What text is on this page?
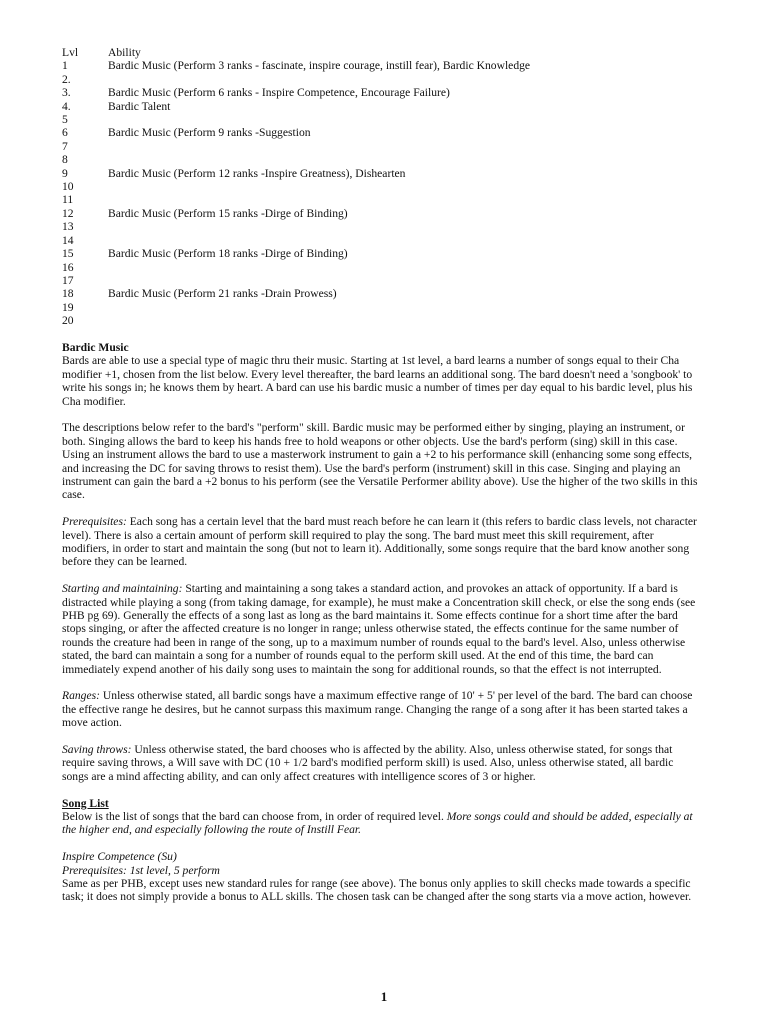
Lvl	Ability
1	Bardic Music (Perform 3 ranks - fascinate, inspire courage, instill fear), Bardic Knowledge
2.	
3.	Bardic Music (Perform 6 ranks - Inspire Competence, Encourage Failure)
4.	Bardic Talent
5	
6	Bardic Music (Perform 9 ranks -Suggestion
7	
8	
9	Bardic Music (Perform 12 ranks -Inspire Greatness), Dishearten
10	
11	
12	Bardic Music (Perform 15 ranks -Dirge of Binding)
13	
14	
15	Bardic Music (Perform 18 ranks -Dirge of Binding)
16	
17	
18	Bardic Music (Perform 21 ranks -Drain Prowess)
19	
20	

Bardic Music

Bards are able to use a special type of magic thru their music. Starting at 1st level, a bard learns a number of songs equal to their Cha modifier +1, chosen from the list below. Every level thereafter, the bard learns an additional song. The bard doesn't need a 'songbook' to write his songs in; he knows them by heart. A bard can use his bardic music a number of times per day equal to his bardic level, plus his Cha modifier.

The descriptions below refer to the bard's "perform" skill. Bardic music may be performed either by singing, playing an instrument, or both. Singing allows the bard to keep his hands free to hold weapons or other objects. Use the bard's perform (sing) skill in this case. Using an instrument allows the bard to use a masterwork instrument to gain a +2 to his performance skill (enhancing some song effects, and increasing the DC for saving throws to resist them). Use the bard's perform (instrument) skill in this case. Singing and playing an instrument can gain the bard a +2 bonus to his perform (see the Versatile Performer ability above). Use the higher of the two skills in this case.

Prerequisites: Each song has a certain level that the bard must reach before he can learn it (this refers to bardic class levels, not character level). There is also a certain amount of perform skill required to play the song. The bard must meet this skill requirement, after modifiers, in order to start and maintain the song (but not to learn it). Additionally, some songs require that the bard know another song before they can be learned.

Starting and maintaining: Starting and maintaining a song takes a standard action, and provokes an attack of opportunity. If a bard is distracted while playing a song (from taking damage, for example), he must make a Concentration skill check, or else the song ends (see PHB pg 69). Generally the effects of a song last as long as the bard maintains it. Some effects continue for a short time after the bard stops singing, or after the affected creature is no longer in range; unless otherwise stated, the effects continue for the same number of rounds the creature had been in range of the song, up to a maximum number of rounds equal to the bard's level. Also, unless otherwise stated, the bard can maintain a song for a number of rounds equal to the perform skill used. At the end of this time, the bard can immediately expend another of his daily song uses to maintain the song for additional rounds, so that the effect is not interrupted.

Ranges: Unless otherwise stated, all bardic songs have a maximum effective range of 10' + 5' per level of the bard. The bard can choose the effective range he desires, but he cannot surpass this maximum range. Changing the range of a song after it has been started takes a move action.

Saving throws: Unless otherwise stated, the bard chooses who is affected by the ability. Also, unless otherwise stated, for songs that require saving throws, a Will save with DC (10 + 1/2 bard's modified perform skill) is used. Also, unless otherwise stated, all bardic songs are a mind affecting ability, and can only affect creatures with intelligence scores of 3 or higher.

Song List

Below is the list of songs that the bard can choose from, in order of required level. More songs could and should be added, especially at the higher end, and especially following the route of Instill Fear.

Inspire Competence (Su)

Prerequisites: 1st level, 5 perform

Same as per PHB, except uses new standard rules for range (see above). The bonus only applies to skill checks made towards a specific task; it does not simply provide a bonus to ALL skills. The chosen task can be changed after the song starts via a move action, however.

1
